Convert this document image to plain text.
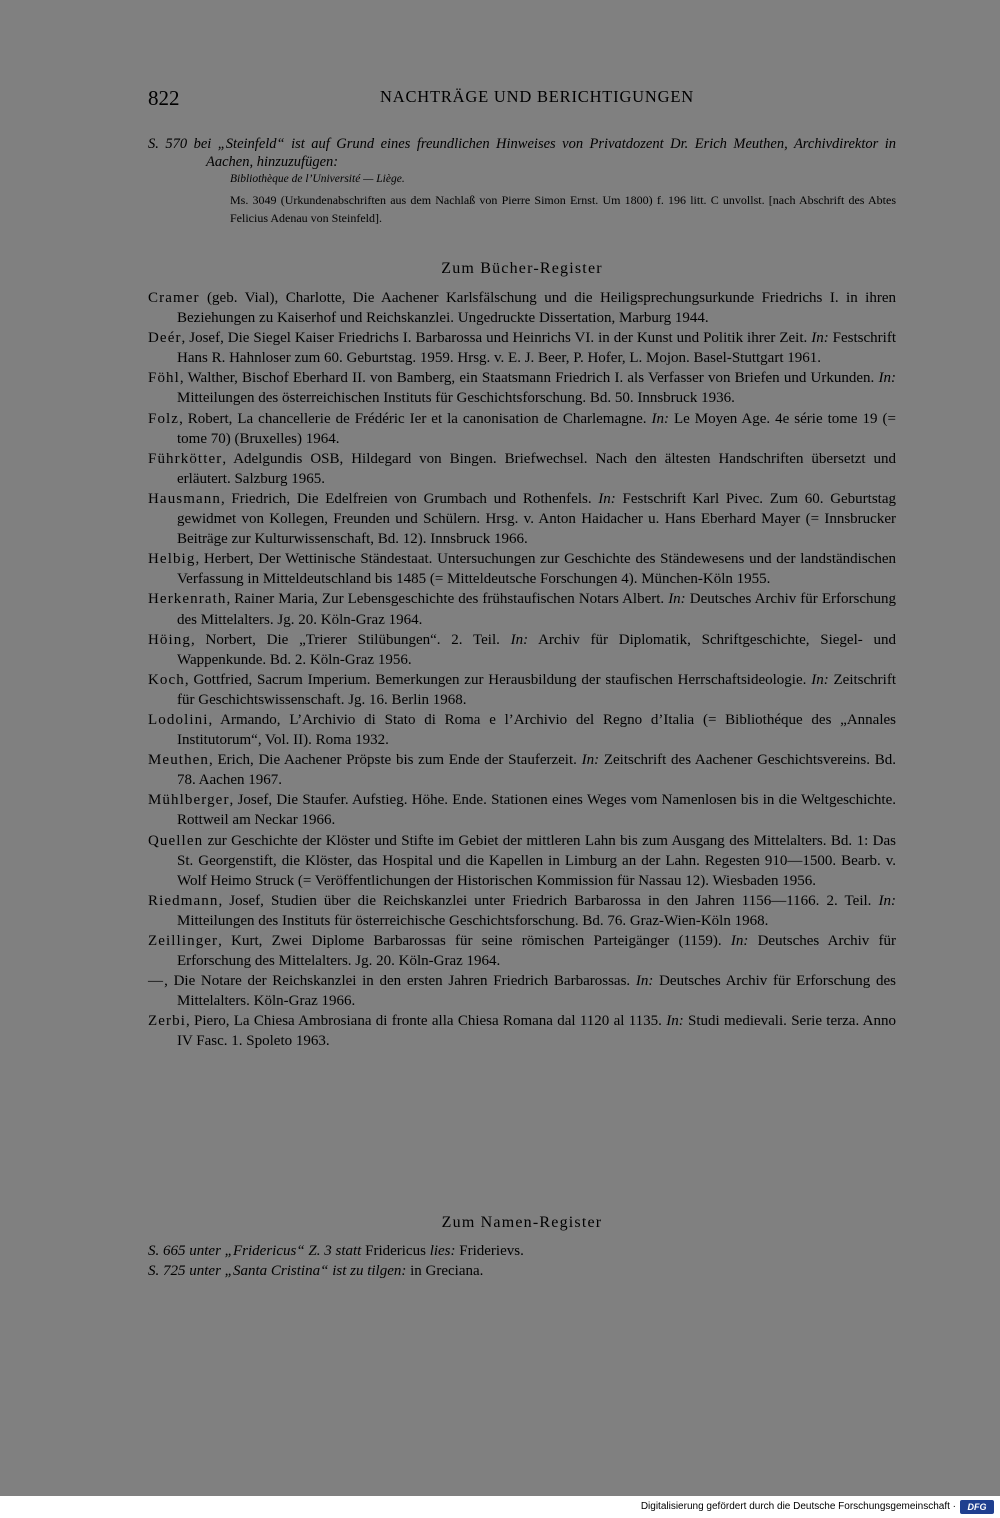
822	NACHTRÄGE UND BERICHTIGUNGEN

S. 570 bei „Steinfeld“ ist auf Grund eines freundlichen Hinweises von Privatdozent Dr. Erich Meuthen, Archivdirektor in Aachen, hinzuzufügen:

Bibliothèque de l’Université — Liège.

Ms. 3049 (Urkundenabschriften aus dem Nachlaß von Pierre Simon Ernst. Um 1800) f. 196 litt. C unvollst. [nach Abschrift des Abtes Felicius Adenau von Steinfeld].

Zum Bücher-Register

Cramer (geb. Vial), Charlotte, Die Aachener Karlsfälschung und die Heiligsprechungsurkunde Friedrichs I. in ihren Beziehungen zu Kaiserhof und Reichskanzlei. Ungedruckte Dissertation, Marburg 1944.

Deér, Josef, Die Siegel Kaiser Friedrichs I. Barbarossa und Heinrichs VI. in der Kunst und Politik ihrer Zeit. In: Festschrift Hans R. Hahnloser zum 60. Geburtstag. 1959. Hrsg. v. E. J. Beer, P. Hofer, L. Mojon. Basel-Stuttgart 1961.

Föhl, Walther, Bischof Eberhard II. von Bamberg, ein Staatsmann Friedrich I. als Verfasser von Briefen und Urkunden. In: Mitteilungen des österreichischen Instituts für Geschichtsforschung. Bd. 50. Innsbruck 1936.

Folz, Robert, La chancellerie de Frédéric Ier et la canonisation de Charlemagne. In: Le Moyen Age. 4e série tome 19 (= tome 70) (Bruxelles) 1964.

Führkötter, Adelgundis OSB, Hildegard von Bingen. Briefwechsel. Nach den ältesten Handschriften übersetzt und erläutert. Salzburg 1965.

Hausmann, Friedrich, Die Edelfreien von Grumbach und Rothenfels. In: Festschrift Karl Pivec. Zum 60. Geburtstag gewidmet von Kollegen, Freunden und Schülern. Hrsg. v. Anton Haidacher u. Hans Eberhard Mayer (= Innsbrucker Beiträge zur Kulturwissenschaft, Bd. 12). Innsbruck 1966.

Helbig, Herbert, Der Wettinische Ständestaat. Untersuchungen zur Geschichte des Ständewesens und der landständischen Verfassung in Mitteldeutschland bis 1485 (= Mitteldeutsche Forschungen 4). München-Köln 1955.

Herkenrath, Rainer Maria, Zur Lebensgeschichte des frühstaufischen Notars Albert. In: Deutsches Archiv für Erforschung des Mittelalters. Jg. 20. Köln-Graz 1964.

Höing, Norbert, Die „Trierer Stilübungen“. 2. Teil. In: Archiv für Diplomatik, Schriftgeschichte, Siegel- und Wappenkunde. Bd. 2. Köln-Graz 1956.

Koch, Gottfried, Sacrum Imperium. Bemerkungen zur Herausbildung der staufischen Herrschaftsideologie. In: Zeitschrift für Geschichtswissenschaft. Jg. 16. Berlin 1968.

Lodolini, Armando, L’Archivio di Stato di Roma e l’Archivio del Regno d’Italia (= Bibliothéque des „Annales Institutorum“, Vol. II). Roma 1932.

Meuthen, Erich, Die Aachener Pröpste bis zum Ende der Stauferzeit. In: Zeitschrift des Aachener Geschichtsvereins. Bd. 78. Aachen 1967.

Mühlberger, Josef, Die Staufer. Aufstieg. Höhe. Ende. Stationen eines Weges vom Namenlosen bis in die Weltgeschichte. Rottweil am Neckar 1966.

Quellen zur Geschichte der Klöster und Stifte im Gebiet der mittleren Lahn bis zum Ausgang des Mittelalters. Bd. 1: Das St. Georgenstift, die Klöster, das Hospital und die Kapellen in Limburg an der Lahn. Regesten 910—1500. Bearb. v. Wolf Heimo Struck (= Veröffentlichungen der Historischen Kommission für Nassau 12). Wiesbaden 1956.

Riedmann, Josef, Studien über die Reichskanzlei unter Friedrich Barbarossa in den Jahren 1156—1166. 2. Teil. In: Mitteilungen des Instituts für österreichische Geschichtsforschung. Bd. 76. Graz-Wien-Köln 1968.

Zeillinger, Kurt, Zwei Diplome Barbarossas für seine römischen Parteigänger (1159). In: Deutsches Archiv für Erforschung des Mittelalters. Jg. 20. Köln-Graz 1964.

—, Die Notare der Reichskanzlei in den ersten Jahren Friedrich Barbarossas. In: Deutsches Archiv für Erforschung des Mittelalters. Köln-Graz 1966.

Zerbi, Piero, La Chiesa Ambrosiana di fronte alla Chiesa Romana dal 1120 al 1135. In: Studi medievali. Serie terza. Anno IV Fasc. 1. Spoleto 1963.

Zum Namen-Register

S. 665 unter „Fridericus“ Z. 3 statt Fridericus lies: Friderievs.

S. 725 unter „Santa Cristina“ ist zu tilgen: in Greciana.

Digitalisierung gefördert durch die Deutsche Forschungsgemeinschaft ·	DFG
